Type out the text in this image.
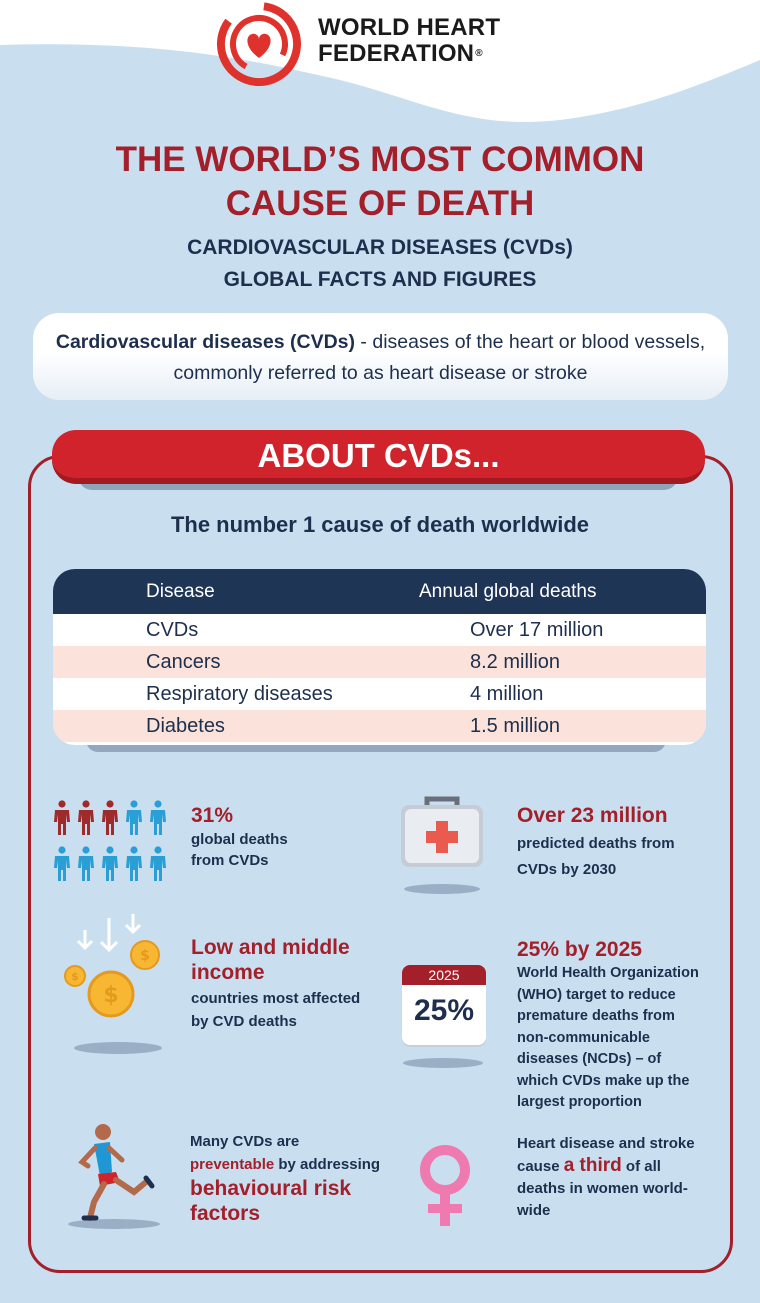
WORLD HEART
FEDERATION®
THE WORLD’S MOST COMMON
CAUSE OF DEATH
CARDIOVASCULAR DISEASES (CVDs)
GLOBAL FACTS AND FIGURES
Cardiovascular diseases (CVDs) - diseases of the heart or blood vessels, commonly referred to as heart disease or stroke
ABOUT CVDs...
The number 1 cause of death worldwide
Disease	Annual global deaths
CVDs	Over 17 million
Cancers	8.2 million
Respiratory diseases	4 million
Diabetes	1.5 million
31%
global deaths
from CVDs
Over 23 million
predicted deaths from
CVDs by 2030
$
$
$
Low and middle
income
countries most affected
by CVD deaths
2025
25%
25% by 2025
World Health Organization
(WHO) target to reduce
premature deaths from
non-communicable
diseases (NCDs) – of
which CVDs make up the
largest proportion
Many CVDs are
preventable by addressing
behavioural risk
factors
Heart disease and stroke
cause a third of all
deaths in women world-
wide
